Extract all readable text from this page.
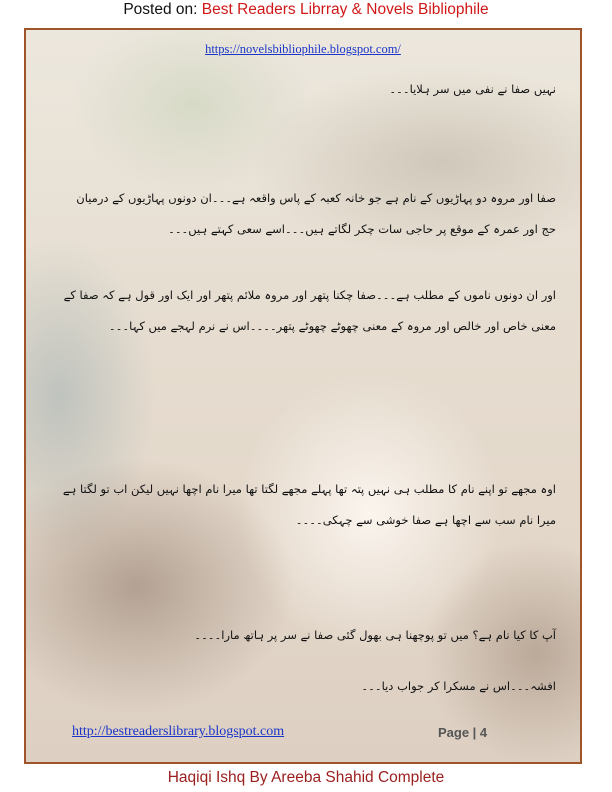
Posted on: Best Readers Librray & Novels Bibliophile
https://novelsbibliophile.blogspot.com/

نہیں صفا نے نفی میں سر ہلایا۔۔۔

صفا اور مروہ دو پہاڑیوں کے نام ہے جو خانہ کعبہ کے پاس واقعہ ہے۔۔۔ان دونوں پہاڑیوں کے درمیان حج اور عمرہ کے موقع پر حاجی سات چکر لگاتے ہیں۔۔۔اسے سعی کہتے ہیں۔۔۔

اور ان دونوں ناموں کے مطلب ہے۔۔۔صفا چکنا پتھر اور مروہ ملائم پتھر اور ایک اور قول ہے کہ صفا کے معنی خاص اور خالص اور مروہ کے معنی چھوٹے چھوٹے پتھر۔۔۔۔اس نے نرم لہجے میں کہا۔۔۔

اوہ مجھے تو اپنے نام کا مطلب ہی نہیں پتہ تھا پہلے مجھے لگتا تھا میرا نام اچھا نہیں لیکن اب تو لگتا ہے میرا نام سب سے اچھا ہے صفا خوشی سے چہکی۔۔۔۔

آپ کا کیا نام ہے؟ میں تو پوچھنا ہی بھول گئی صفا نے سر پر ہاتھ مارا۔۔۔۔

افشہ۔۔۔اس نے مسکرا کر جواب دیا۔۔۔

http://bestreaderslibrary.blogspot.com	Page | 4
Haqiqi Ishq By Areeba Shahid Complete
